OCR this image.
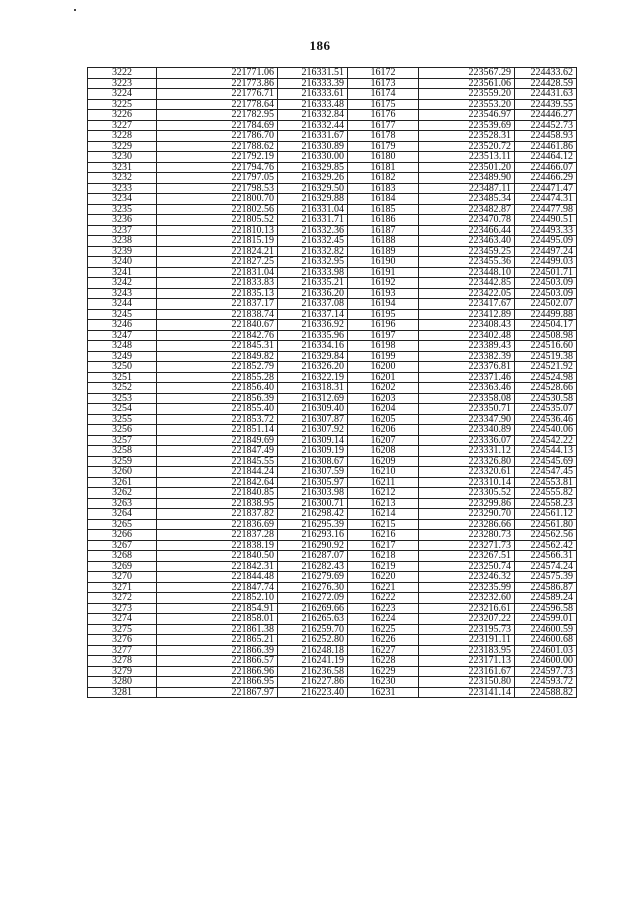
186
3222	221771.06	216331.51	16172	223567.29	224433.62
3223	221773.86	216333.39	16173	223561.06	224428.59
3224	221776.71	216333.61	16174	223559.20	224431.63
3225	221778.64	216333.48	16175	223553.20	224439.55
3226	221782.95	216332.84	16176	223546.97	224446.27
3227	221784.69	216332.44	16177	223539.69	224452.73
3228	221786.70	216331.67	16178	223528.31	224458.93
3229	221788.62	216330.89	16179	223520.72	224461.86
3230	221792.19	216330.00	16180	223513.11	224464.12
3231	221794.76	216329.85	16181	223501.20	224466.07
3232	221797.05	216329.26	16182	223489.90	224466.29
3233	221798.53	216329.50	16183	223487.11	224471.47
3234	221800.70	216329.88	16184	223485.34	224474.31
3235	221802.56	216331.04	16185	223482.87	224477.98
3236	221805.52	216331.71	16186	223470.78	224490.51
3237	221810.13	216332.36	16187	223466.44	224493.33
3238	221815.19	216332.45	16188	223463.40	224495.09
3239	221824.21	216332.82	16189	223459.25	224497.24
3240	221827.25	216332.95	16190	223455.36	224499.03
3241	221831.04	216333.98	16191	223448.10	224501.71
3242	221833.83	216335.21	16192	223442.85	224503.09
3243	221835.13	216336.20	16193	223422.05	224503.09
3244	221837.17	216337.08	16194	223417.67	224502.07
3245	221838.74	216337.14	16195	223412.89	224499.88
3246	221840.67	216336.92	16196	223408.43	224504.17
3247	221842.76	216335.96	16197	223402.48	224508.98
3248	221845.31	216334.16	16198	223389.43	224516.60
3249	221849.82	216329.84	16199	223382.39	224519.38
3250	221852.79	216326.20	16200	223376.81	224521.92
3251	221855.28	216322.19	16201	223371.46	224524.98
3252	221856.40	216318.31	16202	223363.46	224528.66
3253	221856.39	216312.69	16203	223358.08	224530.58
3254	221855.40	216309.40	16204	223350.71	224535.07
3255	221853.72	216307.87	16205	223347.90	224536.46
3256	221851.14	216307.92	16206	223340.89	224540.06
3257	221849.69	216309.14	16207	223336.07	224542.22
3258	221847.49	216309.19	16208	223331.12	224544.13
3259	221845.55	216308.67	16209	223326.80	224545.69
3260	221844.24	216307.59	16210	223320.61	224547.45
3261	221842.64	216305.97	16211	223310.14	224553.81
3262	221840.85	216303.98	16212	223305.52	224555.82
3263	221838.95	216300.71	16213	223299.86	224558.23
3264	221837.82	216298.42	16214	223290.70	224561.12
3265	221836.69	216295.39	16215	223286.66	224561.80
3266	221837.28	216293.16	16216	223280.73	224562.56
3267	221838.19	216290.92	16217	223271.73	224562.42
3268	221840.50	216287.07	16218	223267.51	224566.31
3269	221842.31	216282.43	16219	223250.74	224574.24
3270	221844.48	216279.69	16220	223246.32	224575.39
3271	221847.74	216276.30	16221	223235.99	224586.87
3272	221852.10	216272.09	16222	223232.60	224589.24
3273	221854.91	216269.66	16223	223216.61	224596.58
3274	221858.01	216265.63	16224	223207.22	224599.01
3275	221861.38	216259.70	16225	223195.73	224600.59
3276	221865.21	216252.80	16226	223191.11	224600.68
3277	221866.39	216248.18	16227	223183.95	224601.03
3278	221866.57	216241.19	16228	223171.13	224600.00
3279	221866.96	216236.58	16229	223161.67	224597.73
3280	221866.95	216227.86	16230	223150.80	224593.72
3281	221867.97	216223.40	16231	223141.14	224588.82
